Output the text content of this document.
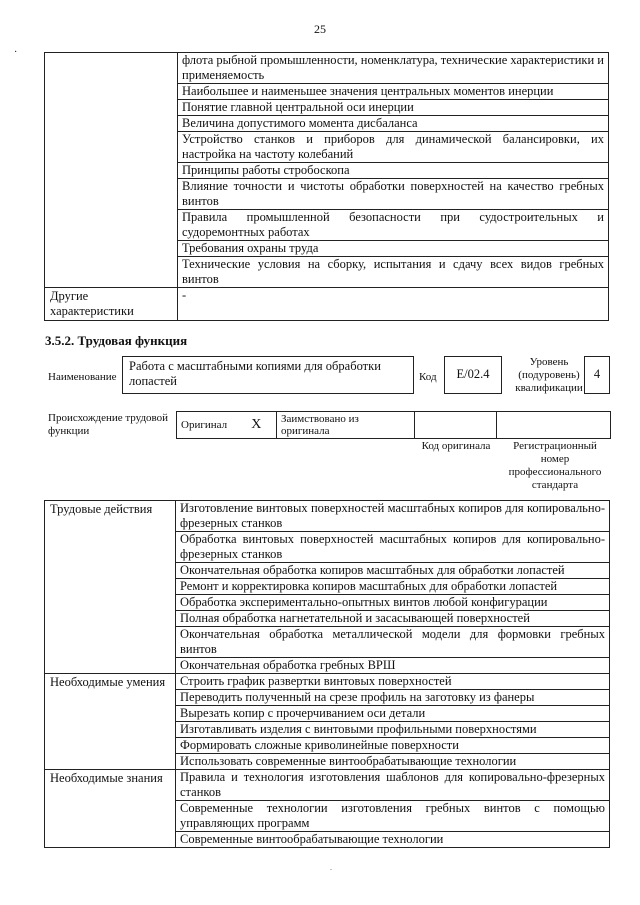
25
·
	флота рыбной промышленности, номенклатура, технические характеристики и применяемость
	Наибольшее и наименьшее значения центральных моментов инерции
	Понятие главной центральной оси инерции
	Величина допустимого момента дисбаланса
	Устройство станков и приборов для динамической балансировки, их настройка на частоту колебаний
	Принципы работы стробоскопа
	Влияние точности и чистоты обработки поверхностей на качество гребных винтов
	Правила промышленной безопасности при судостроительных и судоремонтных работах
	Требования охраны труда
	Технические условия на сборку, испытания и сдачу всех видов гребных винтов
Другие характеристики	-
3.5.2. Трудовая функция
Наименование
Работа с масштабными копиями для обработки лопастей	Код	E/02.4
Уровень (подуровень) квалификации
4
Происхождение трудовой функции	Оригинал	X	Заимствовано из оригинала		
Код оригинала	Регистрационный номер профессионального стандарта
Трудовые действия	Изготовление винтовых поверхностей масштабных копиров для копировально-фрезерных станков
	Обработка винтовых поверхностей масштабных копиров для копировально-фрезерных станков
	Окончательная обработка копиров масштабных для обработки лопастей
	Ремонт и корректировка копиров масштабных для обработки лопастей
	Обработка экспериментально-опытных винтов любой конфигурации
	Полная обработка нагнетательной и засасывающей поверхностей
	Окончательная обработка металлической модели для формовки гребных винтов
	Окончательная обработка гребных ВРШ
Необходимые умения	Строить график развертки винтовых поверхностей
	Переводить полученный на срезе профиль на заготовку из фанеры
	Вырезать копир с прочерчиванием оси детали
	Изготавливать изделия с винтовыми профильными поверхностями
	Формировать сложные криволинейные поверхности
	Использовать современные винтообрабатывающие технологии
Необходимые знания	Правила и технология изготовления шаблонов для копировально-фрезерных станков
	Современные технологии изготовления гребных винтов с помощью управляющих программ
	Современные винтообрабатывающие технологии
.
